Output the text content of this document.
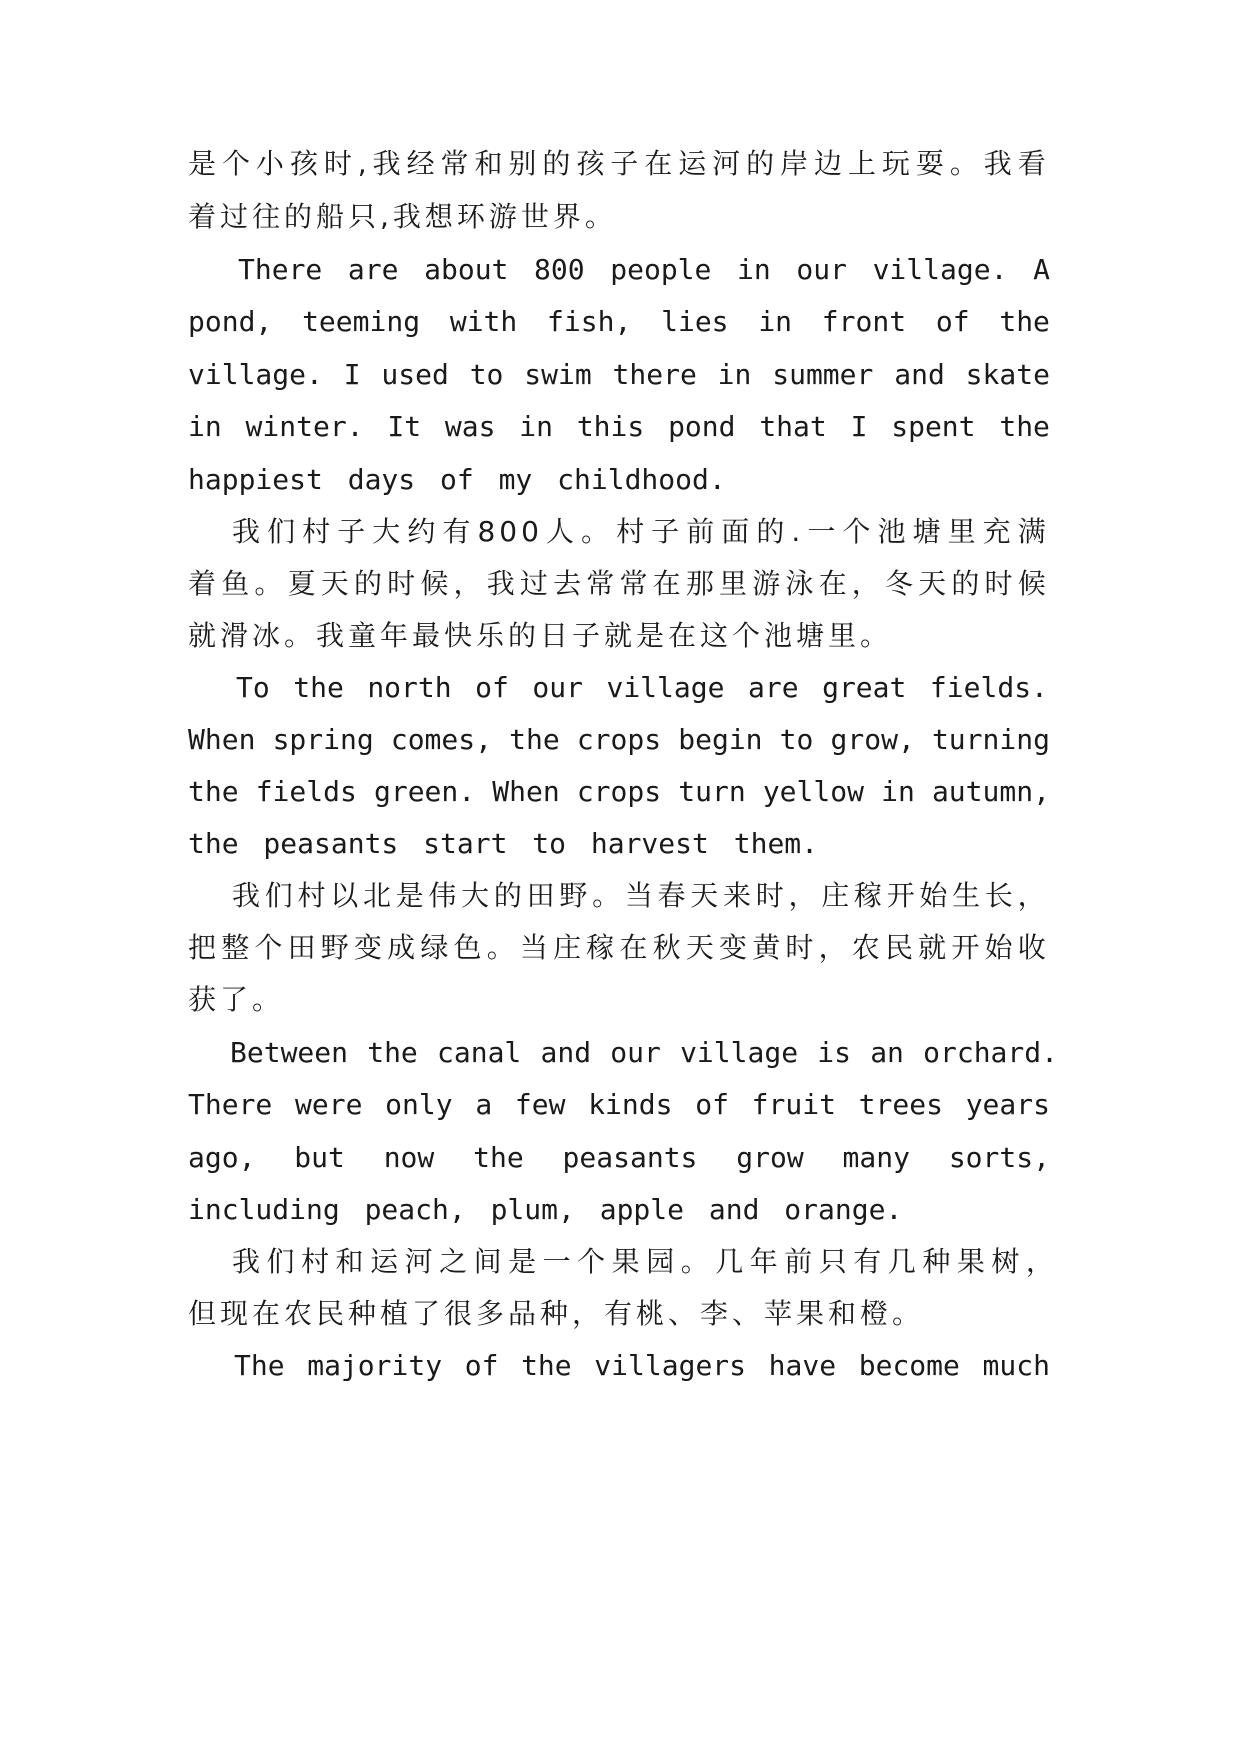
是 个 小 孩 时 , 我 经 常 和 别 的 孩 子 在 运 河 的 岸 边 上 玩 耍 。 我 看
着过往的船只,我想环游世界。
There are about 800 people in our village. A
pond, teeming with fish, lies in front of the
village. I used to swim there in summer and skate
in winter. It was in this pond that I spent the
happiest days of my childhood.
我 们 村 子 大 约 有 800 人 。 村 子 前 面 的 . 一 个 池 塘 里 充 满
着 鱼 。 夏 天 的 时 候 ， 我 过 去 常 常 在 那 里 游 泳 在 ， 冬 天 的 时 候
就滑冰。我童年最快乐的日子就是在这个池塘里。
To the north of our village are great fields.
When spring comes, the crops begin to grow, turning
the fields green. When crops turn yellow in autumn,
the peasants start to harvest them.
我 们 村 以 北 是 伟 大 的 田 野 。 当 春 天 来 时 ， 庄 稼 开 始 生 长 ，
把 整 个 田 野 变 成 绿 色 。 当 庄 稼 在 秋 天 变 黄 时 ， 农 民 就 开 始 收
获了。
Between the canal and our village is an orchard.
There were only a few kinds of fruit trees years
ago, but now the peasants grow many sorts,
including peach, plum, apple and orange.
我 们 村 和 运 河 之 间 是 一 个 果 园 。 几 年 前 只 有 几 种 果 树 ，
但现在农民种植了很多品种，有桃、李、苹果和橙。
The majority of the villagers have become much
